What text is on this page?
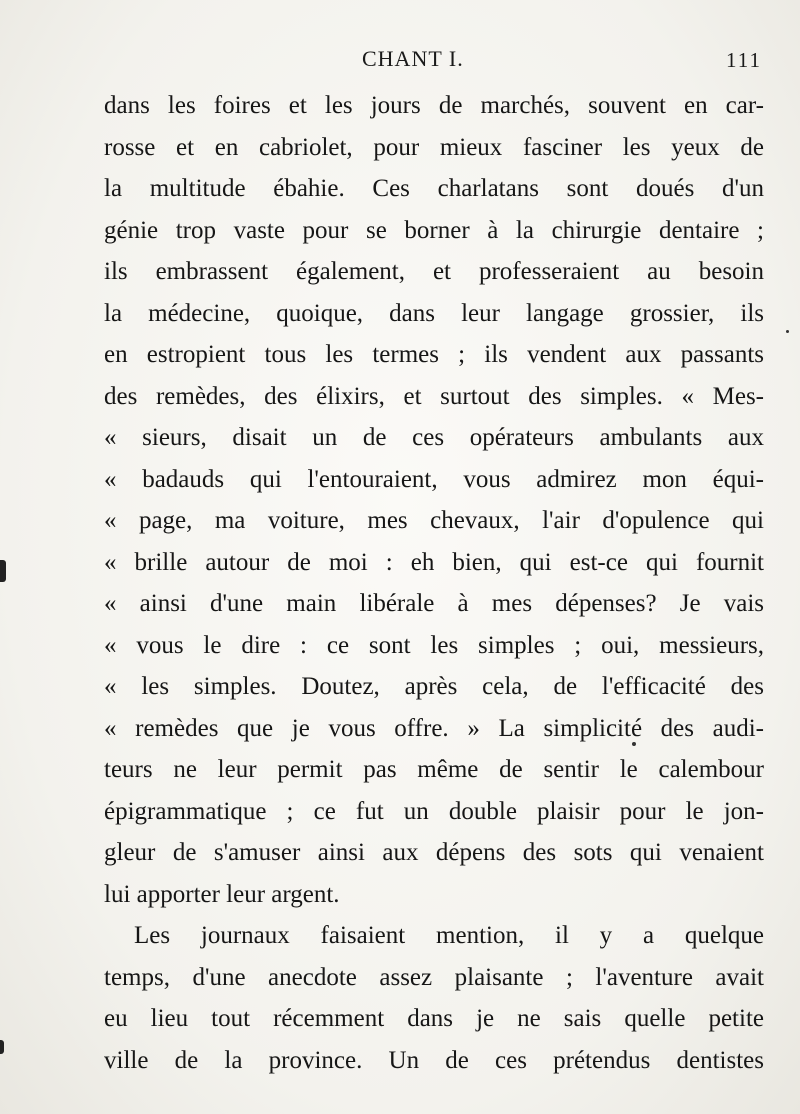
CHANT I.	111
dans les foires et les jours de marchés, souvent en car-
rosse et en cabriolet, pour mieux fasciner les yeux de
la multitude ébahie. Ces charlatans sont doués d'un
génie trop vaste pour se borner à la chirurgie dentaire ;
ils embrassent également, et professeraient au besoin
la médecine, quoique, dans leur langage grossier, ils
en estropient tous les termes ; ils vendent aux passants
des remèdes, des élixirs, et surtout des simples. « Mes-
« sieurs, disait un de ces opérateurs ambulants aux
« badauds qui l'entouraient, vous admirez mon équi-
« page, ma voiture, mes chevaux, l'air d'opulence qui
« brille autour de moi : eh bien, qui est-ce qui fournit
« ainsi d'une main libérale à mes dépenses? Je vais
« vous le dire : ce sont les simples ; oui, messieurs,
« les simples. Doutez, après cela, de l'efficacité des
« remèdes que je vous offre. » La simplicité des audi-
teurs ne leur permit pas même de sentir le calembour
épigrammatique ; ce fut un double plaisir pour le jon-
gleur de s'amuser ainsi aux dépens des sots qui venaient
lui apporter leur argent.
Les journaux faisaient mention, il y a quelque
temps, d'une anecdote assez plaisante ; l'aventure avait
eu lieu tout récemment dans je ne sais quelle petite
ville de la province. Un de ces prétendus dentistes
